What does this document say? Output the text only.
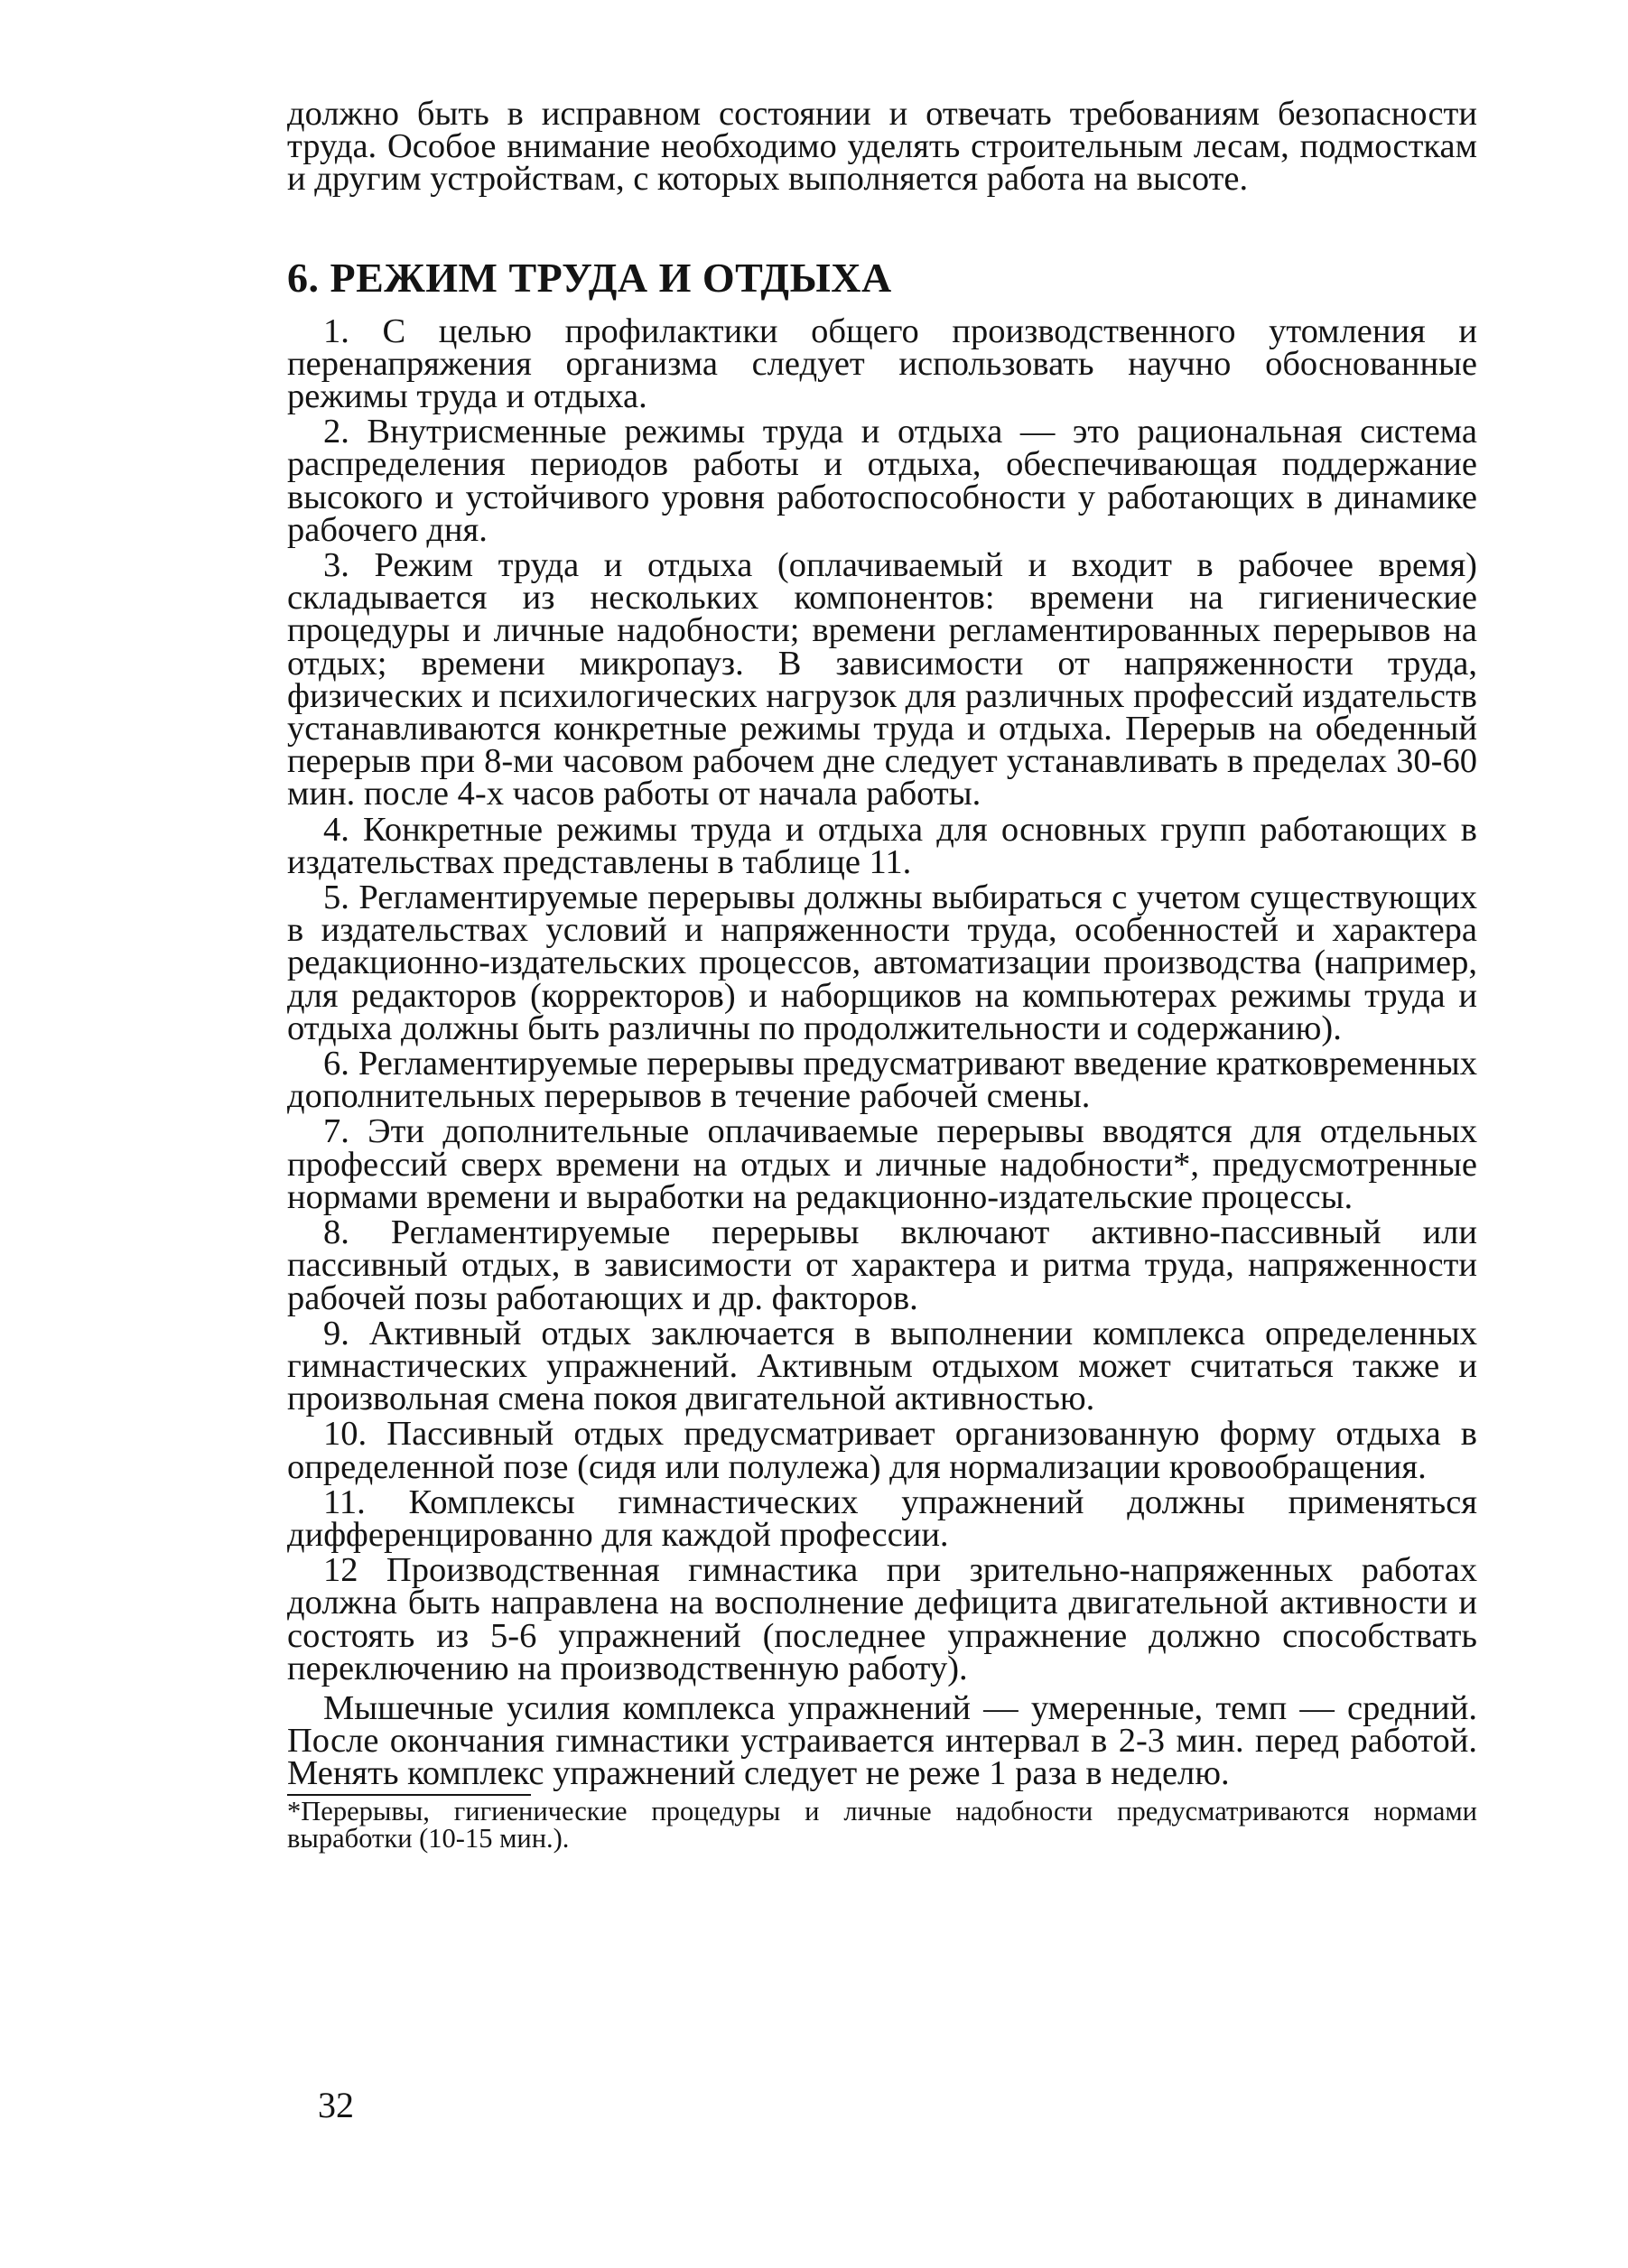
должно быть в исправном состоянии и отвечать требованиям безопасности труда. Особое внимание необходимо уделять строительным лесам, подмосткам и другим устройствам, с которых выполняется работа на высоте.

6. РЕЖИМ ТРУДА И ОТДЫХА

1. С целью профилактики общего производственного утомления и перенапряжения организма следует использовать научно обоснованные режимы труда и отдыха.

2. Внутрисменные режимы труда и отдыха — это рациональная система распределения периодов работы и отдыха, обеспечивающая поддержание высокого и устойчивого уровня работоспособности у работающих в динамике рабочего дня.

3. Режим труда и отдыха (оплачиваемый и входит в рабочее время) складывается из нескольких компонентов: времени на гигиенические процедуры и личные надобности; времени регламентированных перерывов на отдых; времени микропауз. В зависимости от напряженности труда, физических и психилогических нагрузок для различных профессий издательств устанавливаются конкретные режимы труда и отдыха. Перерыв на обеденный перерыв при 8-ми часовом рабочем дне следует устанавливать в пределах 30-60 мин. после 4-х часов работы от начала работы.

4. Конкретные режимы труда и отдыха для основных групп работающих в издательствах представлены в таблице 11.

5. Регламентируемые перерывы должны выбираться с учетом существующих в издательствах условий и напряженности труда, особенностей и характера редакционно-издательских процессов, автоматизации производства (например, для редакторов (корректоров) и наборщиков на компьютерах режимы труда и отдыха должны быть различны по продолжительности и содержанию).

6. Регламентируемые перерывы предусматривают введение кратковременных дополнительных перерывов в течение рабочей смены.

7. Эти дополнительные оплачиваемые перерывы вводятся для отдельных профессий сверх времени на отдых и личные надобности*, предусмотренные нормами времени и выработки на редакционно-издательские процессы.

8. Регламентируемые перерывы включают активно-пассивный или пассивный отдых, в зависимости от характера и ритма труда, напряженности рабочей позы работающих и др. факторов.

9. Активный отдых заключается в выполнении комплекса определенных гимнастических упражнений. Активным отдыхом может считаться также и произвольная смена покоя двигательной активностью.

10. Пассивный отдых предусматривает организованную форму отдыха в определенной позе (сидя или полулежа) для нормализации кровообращения.

11. Комплексы гимнастических упражнений должны применяться дифференцированно для каждой профессии.

12 Производственная гимнастика при зрительно-напряженных работах должна быть направлена на восполнение дефицита двигательной активности и состоять из 5-6 упражнений (последнее упражнение должно способствать переключению на производственную работу).

Мышечные усилия комплекса упражнений — умеренные, темп — средний. После окончания гимнастики устраивается интервал в 2-3 мин. перед работой. Менять комплекс упражнений следует не реже 1 раза в неделю.

*Перерывы, гигиенические процедуры и личные надобности предусматриваются нормами выработки (10-15 мин.).

32
